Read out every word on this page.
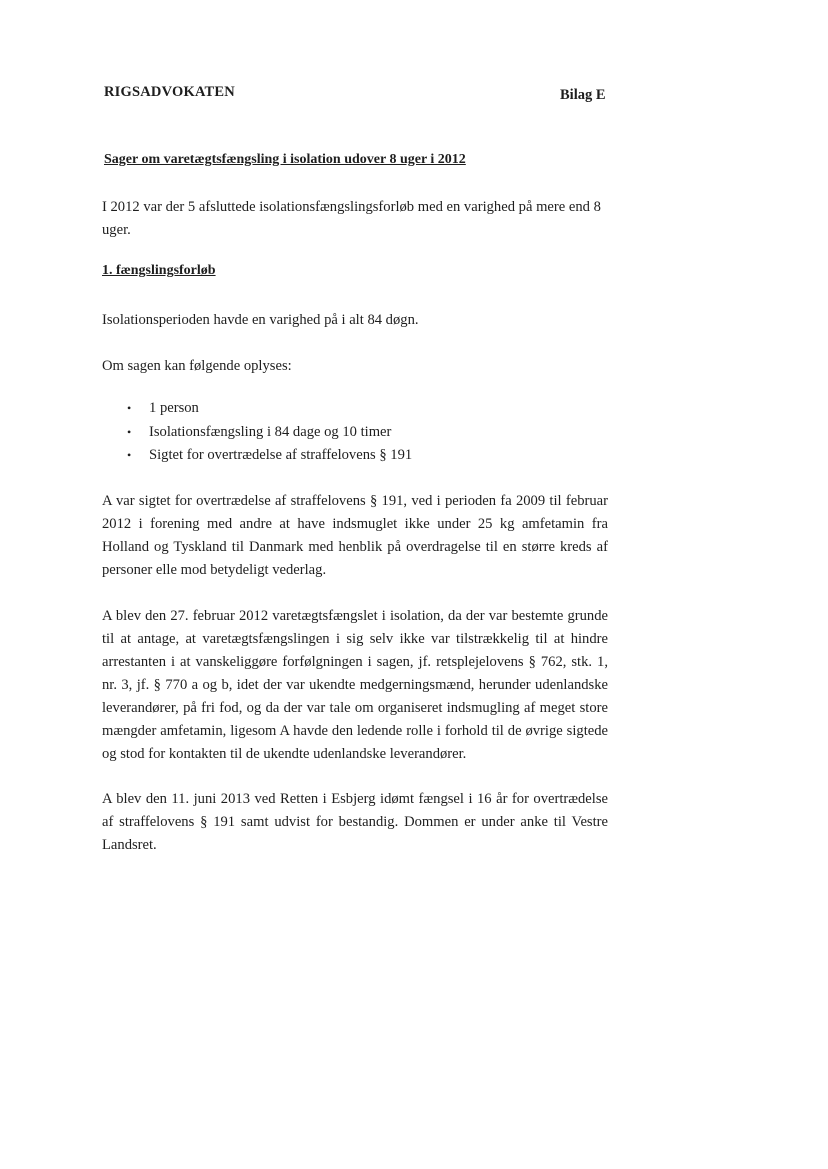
RIGSADVOKATEN	Bilag E
Sager om varetægtsfængsling i isolation udover 8 uger i 2012

I 2012 var der 5 afsluttede isolationsfængslingsforløb med en varighed på mere end 8 uger.

1. fængslingsforløb

Isolationsperioden havde en varighed på i alt 84 døgn.

Om sagen kan følgende oplyses:

• 1 person
• Isolationsfængsling i 84 dage og 10 timer
• Sigtet for overtrædelse af straffelovens § 191

A var sigtet for overtrædelse af straffelovens § 191, ved i perioden fa 2009 til februar 2012 i forening med andre at have indsmuglet ikke under 25 kg amfetamin fra Holland og Tyskland til Danmark med henblik på overdragelse til en større kreds af personer elle mod betydeligt vederlag.

A blev den 27. februar 2012 varetægtsfængslet i isolation, da der var bestemte grunde til at antage, at varetægtsfængslingen i sig selv ikke var tilstrækkelig til at hindre arrestanten i at vanskeliggøre forfølgningen i sagen, jf. retsplejelovens § 762, stk. 1, nr. 3, jf. § 770 a og b, idet der var ukendte medgerningsmænd, herunder udenlandske leverandører, på fri fod, og da der var tale om organiseret indsmugling af meget store mængder amfetamin, ligesom A havde den ledende rolle i forhold til de øvrige sigtede og stod for kontakten til de ukendte udenlandske leverandører.

A blev den 11. juni 2013 ved Retten i Esbjerg idømt fængsel i 16 år for overtrædelse af straffelovens § 191 samt udvist for bestandig. Dommen er under anke til Vestre Landsret.
